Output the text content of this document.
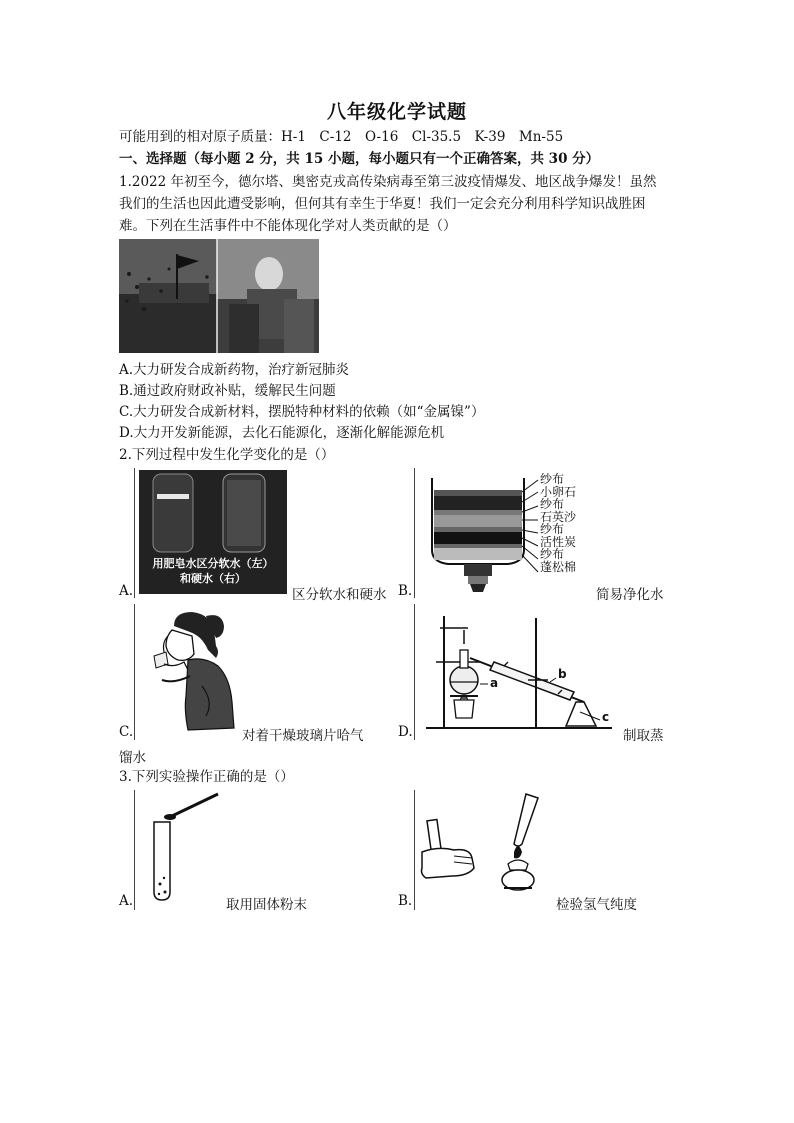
八年级化学试题
可能用到的相对原子质量：H-1　C-12　O-16　Cl-35.5　K-39　Mn-55
一、选择题（每小题 2 分，共 15 小题，每小题只有一个正确答案，共 30 分）
1.2022 年初至今，德尔塔、奥密克戎高传染病毒至第三波疫情爆发、地区战争爆发！虽然
我们的生活也因此遭受影响，但何其有幸生于华夏！我们一定会充分利用科学知识战胜困
难。下列在生活事件中不能体现化学对人类贡献的是（）
A.大力研发合成新药物，治疗新冠肺炎
B.通过政府财政补贴，缓解民生问题
C.大力研发合成新材料，摆脱特种材料的依赖（如“金属镍”）
D.大力开发新能源，去化石能源化，逐渐化解能源危机
2.下列过程中发生化学变化的是（）
用肥皂水区分软水（左）
和硬水（右）
A.	区分软水和硬水
纱布
小卵石
纱布
石英沙
纱布
活性炭
纱布
蓬松棉
B.	简易净化水
C.	对着干燥玻璃片哈气
a
b
c
D.	制取蒸
馏水
3.下列实验操作正确的是（）
A.	取用固体粉末	B.	检验氢气纯度
